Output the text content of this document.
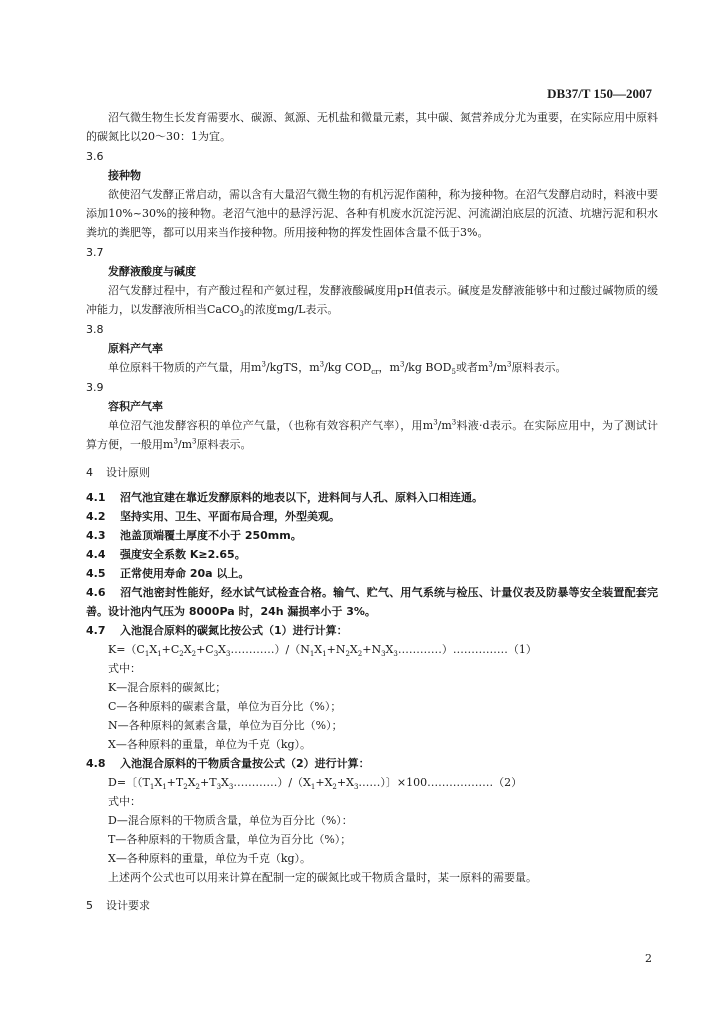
DB37/T 150—2007

沼气微生物生长发育需要水、碳源、氮源、无机盐和微量元素，其中碳、氮营养成分尤为重要，在实际应用中原料的碳氮比以20～30：1为宜。

3.6
接种物

欲使沼气发酵正常启动，需以含有大量沼气微生物的有机污泥作菌种，称为接种物。在沼气发酵启动时，料液中要添加10%~30%的接种物。老沼气池中的悬浮污泥、各种有机废水沉淀污泥、河流湖泊底层的沉渣、坑塘污泥和积水粪坑的粪肥等，都可以用来当作接种物。所用接种物的挥发性固体含量不低于3%。

3.7
发酵液酸度与碱度

沼气发酵过程中，有产酸过程和产氨过程，发酵液酸碱度用pH值表示。碱度是发酵液能够中和过酸过碱物质的缓冲能力，以发酵液所相当CaCO$_3$的浓度mg/L表示。

3.8
原料产气率

单位原料干物质的产气量，用$m^3$/kgTS，$m^3/kg$ $COD_{cr}$，$m^3/kg$ $BOD_5$或者$m^3/m^3$原料表示。

3.9
容积产气率

单位沼气池发酵容积的单位产气量，（也称有效容积产气率），用$m^3/m^3$料液·d表示。在实际应用中，为了测试计算方便，一般用$m^3/m^3$原料表示。

4 设计原则

4.1 沼气池宜建在靠近发酵原料的地表以下，进料间与人孔、原料入口相连通。

4.2 坚持实用、卫生、平面布局合理，外型美观。

4.3 池盖顶端覆土厚度不小于 250mm。

4.4 强度安全系数 K≥2.65。

4.5 正常使用寿命 20a 以上。

4.6 沼气池密封性能好，经水试气试检查合格。输气、贮气、用气系统与检压、计量仪表及防暴等安全装置配套完善。设计池内气压为 8000Pa 时，24h 漏损率小于 3%。

4.7 入池混合原料的碳氮比按公式（1）进行计算：

$K=(C_1X_1+C_2X_2+C_3X_3\dots\dots\dots\dots)/(N_1X_1+N_2X_2+N_3X_3\dots\dots\dots\dots)\dots\dots\dots\dots\dots(1)$

式中：

K—混合原料的碳氮比；

C—各种原料的碳素含量，单位为百分比（%）；

N—各种原料的氮素含量，单位为百分比（%）；

X—各种原料的重量，单位为千克（kg）。

4.8 入池混合原料的干物质含量按公式（2）进行计算：

D=〔$(T_1X_1+T_2X_2+T_3X_3\dots\dots\dots\dots)/(X_1+X_2+X_3\dots\dots)$〕×100………………（2）

式中：

D—混合原料的干物质含量，单位为百分比（%）：

T—各种原料的干物质含量，单位为百分比（%）；

X—各种原料的重量，单位为千克（kg）。

上述两个公式也可以用来计算在配制一定的碳氮比或干物质含量时，某一原料的需要量。

5 设计要求
2
